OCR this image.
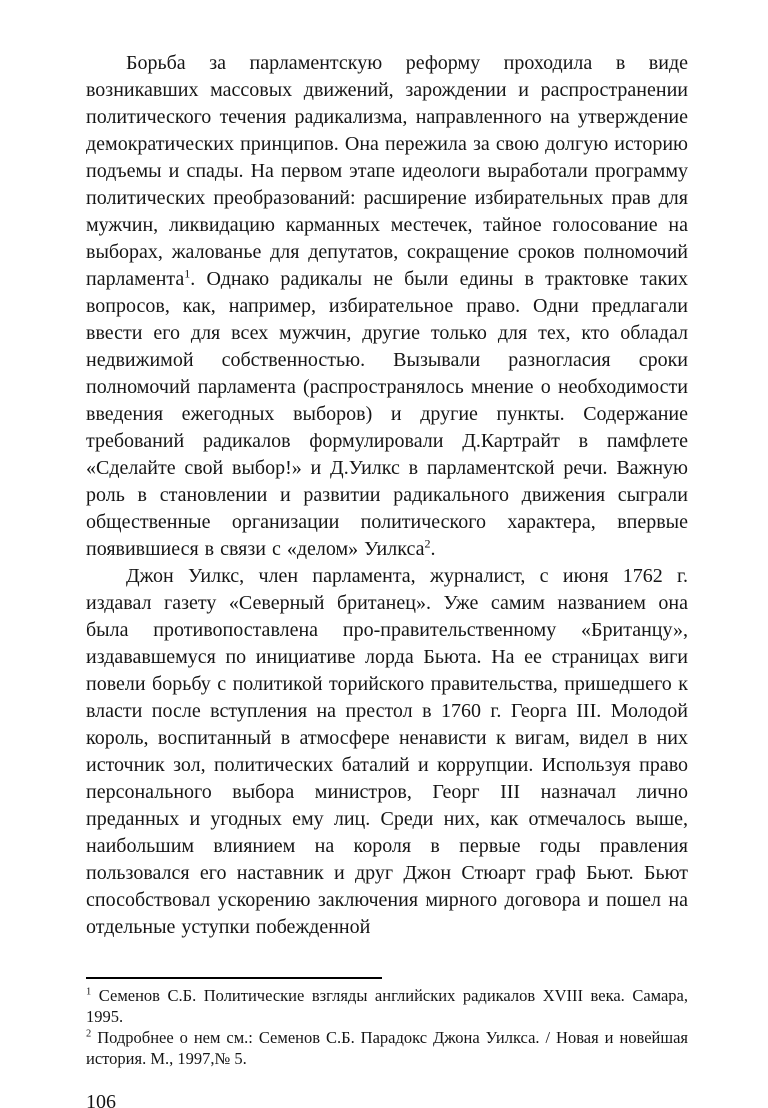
Борьба за парламентскую реформу проходила в виде возникавших массовых движений, зарождении и распространении политического течения радикализма, направленного на утверждение демократических принципов. Она пережила за свою долгую историю подъемы и спады. На первом этапе идеологи выработали программу политических преобразований: расширение избирательных прав для мужчин, ликвидацию карманных местечек, тайное голосование на выборах, жалованье для депутатов, сокращение сроков полномочий парламента$^1$. Однако радикалы не были едины в трактовке таких вопросов, как, например, избирательное право. Одни предлагали ввести его для всех мужчин, другие только для тех, кто обладал недвижимой собственностью. Вызывали разногласия сроки полномочий парламента (распространялось мнение о необходимости введения ежегодных выборов) и другие пункты. Содержание требований радикалов формулировали Д.Картрайт в памфлете «Сделайте свой выбор!» и Д.Уилкс в парламентской речи. Важную роль в становлении и развитии радикального движения сыграли общественные организации политического характера, впервые появившиеся в связи с «делом» Уилкса$^2$.

Джон Уилкс, член парламента, журналист, с июня 1762 г. издавал газету «Северный британец». Уже самим названием она была противопоставлена про-правительственному «Британцу», издававшемуся по инициативе лорда Бьюта. На ее страницах виги повели борьбу с политикой торийского правительства, пришедшего к власти после вступления на престол в 1760 г. Георга III. Молодой король, воспитанный в атмосфере ненависти к вигам, видел в них источник зол, политических баталий и коррупции. Используя право персонального выбора министров, Георг III назначал лично преданных и угодных ему лиц. Среди них, как отмечалось выше, наибольшим влиянием на короля в первые годы правления пользовался его наставник и друг Джон Стюарт граф Бьют. Бьют способствовал ускорению заключения мирного договора и пошел на отдельные уступки побежденной

$^1$ Семенов С.Б. Политические взгляды английских радикалов XVIII века. Самара, 1995.

$^2$ Подробнее о нем см.: Семенов С.Б. Парадокс Джона Уилкса. / Новая и новейшая история. М., 1997,№ 5.

106
